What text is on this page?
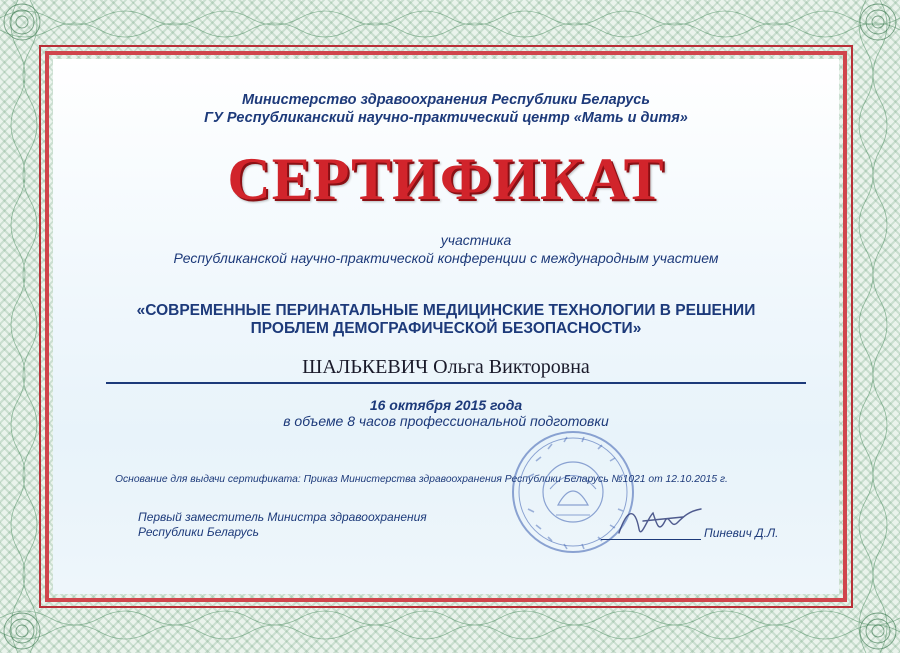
Министерство здравоохранения Республики Беларусь
ГУ Республиканский научно-практический центр «Мать и дитя»
СЕРТИФИКАТ
участника
Республиканской научно-практической конференции с международным участием
«СОВРЕМЕННЫЕ ПЕРИНАТАЛЬНЫЕ МЕДИЦИНСКИЕ ТЕХНОЛОГИИ В РЕШЕНИИ
ПРОБЛЕМ ДЕМОГРАФИЧЕСКОЙ БЕЗОПАСНОСТИ»
ШАЛЬКЕВИЧ Ольга Викторовна
16 октября 2015 года
в объеме 8 часов профессиональной подготовки
Основание для выдачи сертификата: Приказ Министерства здравоохранения Республики Беларусь №1021 от 12.10.2015 г.
Первый заместитель Министра здравоохранения
Республики Беларусь	Пиневич Д.Л.
